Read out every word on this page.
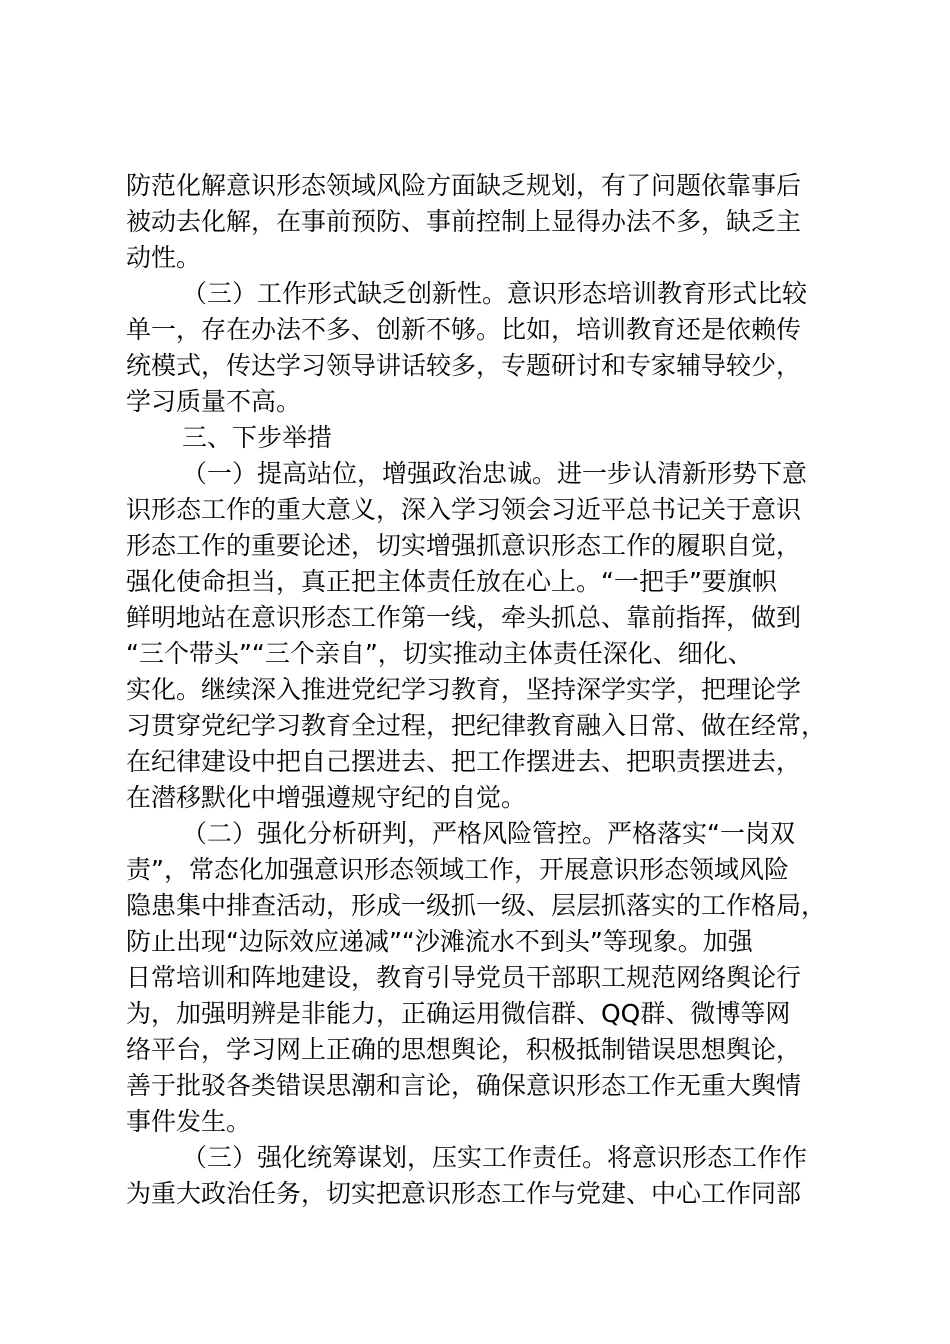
防范化解意识形态领域风险方面缺乏规划，有了问题依靠事后
被动去化解，在事前预防、事前控制上显得办法不多，缺乏主
动性。
（三）工作形式缺乏创新性。意识形态培训教育形式比较
单一，存在办法不多、创新不够。比如，培训教育还是依赖传
统模式，传达学习领导讲话较多，专题研讨和专家辅导较少，
学习质量不高。
三、下步举措
（一）提高站位，增强政治忠诚。进一步认清新形势下意
识形态工作的重大意义，深入学习领会习近平总书记关于意识
形态工作的重要论述，切实增强抓意识形态工作的履职自觉，
强化使命担当，真正把主体责任放在心上。“一把手”要旗帜
鲜明地站在意识形态工作第一线，牵头抓总、靠前指挥，做到
“三个带头”“三个亲自”，切实推动主体责任深化、细化、
实化。继续深入推进党纪学习教育，坚持深学实学，把理论学
习贯穿党纪学习教育全过程，把纪律教育融入日常、做在经常，
在纪律建设中把自己摆进去、把工作摆进去、把职责摆进去，
在潜移默化中增强遵规守纪的自觉。
（二）强化分析研判，严格风险管控。严格落实“一岗双
责”，常态化加强意识形态领域工作，开展意识形态领域风险
隐患集中排查活动，形成一级抓一级、层层抓落实的工作格局，
防止出现“边际效应递减”“沙滩流水不到头”等现象。加强
日常培训和阵地建设，教育引导党员干部职工规范网络舆论行
为，加强明辨是非能力，正确运用微信群、QQ群、微博等网
络平台，学习网上正确的思想舆论，积极抵制错误思想舆论，
善于批驳各类错误思潮和言论，确保意识形态工作无重大舆情
事件发生。
（三）强化统筹谋划，压实工作责任。将意识形态工作作
为重大政治任务，切实把意识形态工作与党建、中心工作同部
